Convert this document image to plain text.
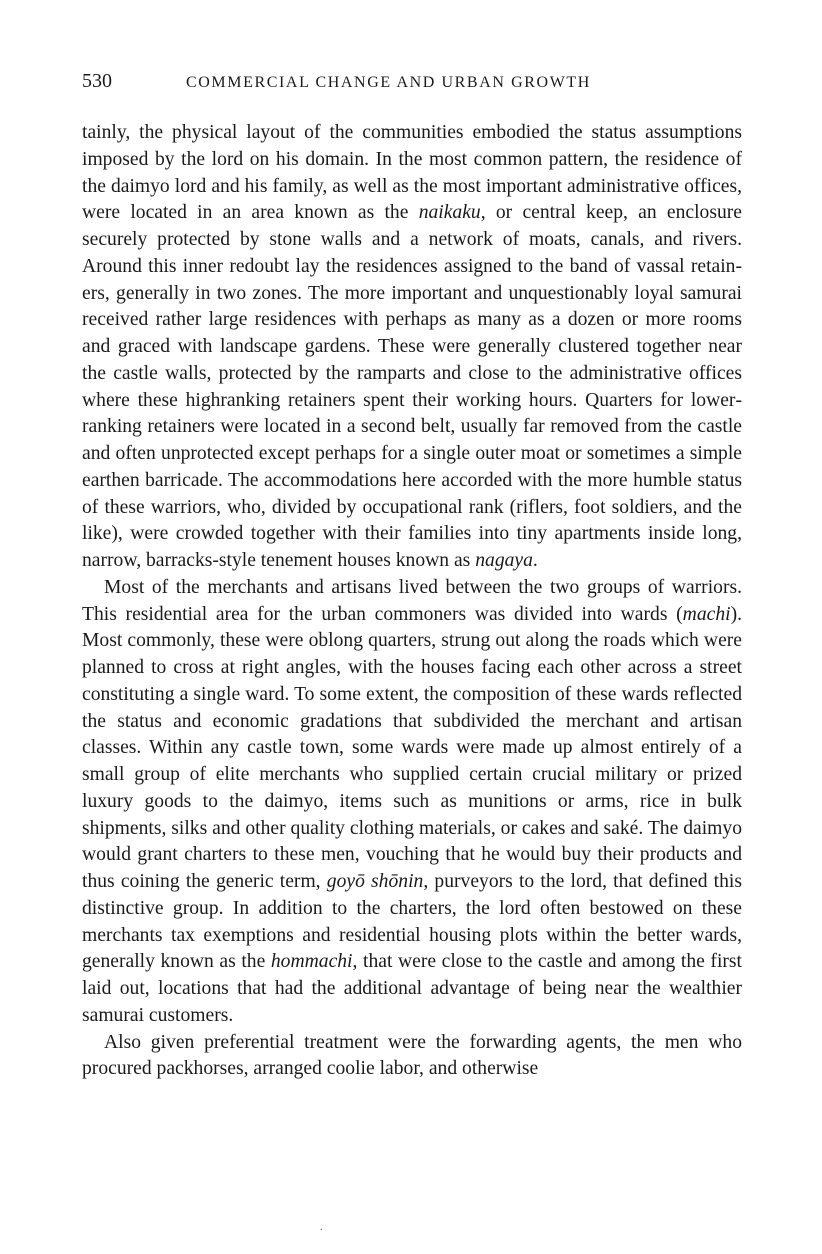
530	COMMERCIAL CHANGE AND URBAN GROWTH

tainly, the physical layout of the communities embodied the status assumptions imposed by the lord on his domain. In the most common pattern, the residence of the daimyo lord and his family, as well as the most important administrative offices, were located in an area known as the naikaku, or central keep, an enclosure securely protected by stone walls and a network of moats, canals, and rivers. Around this inner redoubt lay the residences assigned to the band of vassal retainers, generally in two zones. The more important and unquestionably loyal samurai received rather large residences with perhaps as many as a dozen or more rooms and graced with landscape gardens. These were generally clustered together near the castle walls, protected by the ramparts and close to the administrative offices where these highranking retainers spent their working hours. Quarters for lowerranking retainers were located in a second belt, usually far removed from the castle and often unprotected except perhaps for a single outer moat or sometimes a simple earthen barricade. The accommodations here accorded with the more humble status of these warriors, who, divided by occupational rank (riflers, foot soldiers, and the like), were crowded together with their families into tiny apartments inside long, narrow, barracks-style tenement houses known as nagaya.

Most of the merchants and artisans lived between the two groups of warriors. This residential area for the urban commoners was divided into wards (machi). Most commonly, these were oblong quarters, strung out along the roads which were planned to cross at right angles, with the houses facing each other across a street constituting a single ward. To some extent, the composition of these wards reflected the status and economic gradations that subdivided the merchant and artisan classes. Within any castle town, some wards were made up almost entirely of a small group of elite merchants who supplied certain crucial military or prized luxury goods to the daimyo, items such as munitions or arms, rice in bulk shipments, silks and other quality clothing materials, or cakes and saké. The daimyo would grant charters to these men, vouching that he would buy their products and thus coining the generic term, goyō shōnin, purveyors to the lord, that defined this distinctive group. In addition to the charters, the lord often bestowed on these merchants tax exemptions and residential housing plots within the better wards, generally known as the hommachi, that were close to the castle and among the first laid out, locations that had the additional advantage of being near the wealthier samurai customers.

Also given preferential treatment were the forwarding agents, the men who procured packhorses, arranged coolie labor, and otherwise

.
